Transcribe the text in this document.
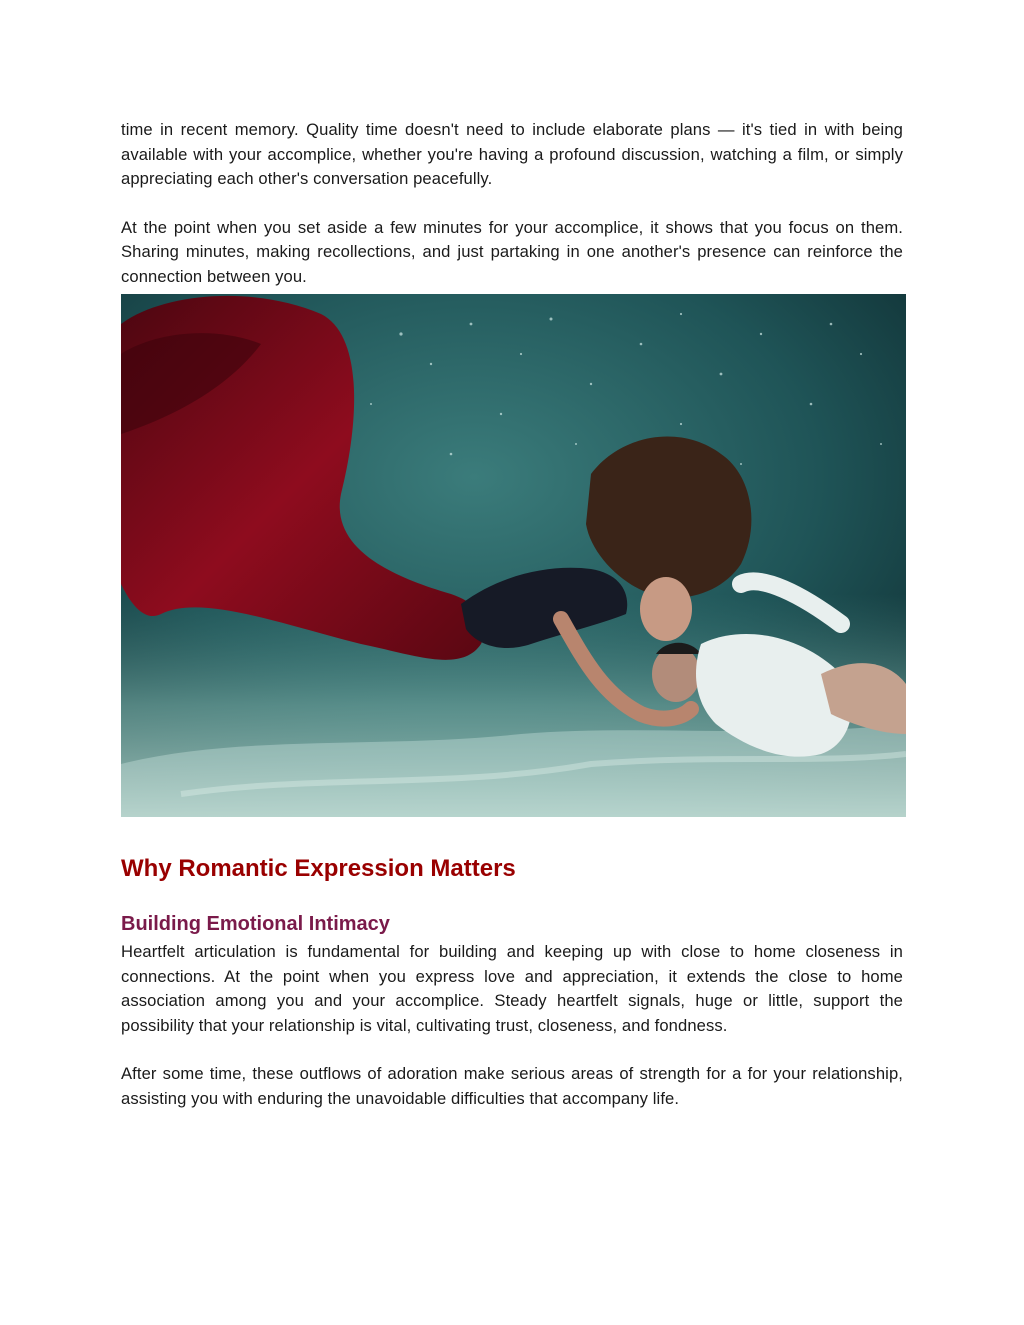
time in recent memory. Quality time doesn't need to include elaborate plans — it's tied in with being available with your accomplice, whether you're having a profound discussion, watching a film, or simply appreciating each other's conversation peacefully.

At the point when you set aside a few minutes for your accomplice, it shows that you focus on them. Sharing minutes, making recollections, and just partaking in one another's presence can reinforce the connection between you.

Why Romantic Expression Matters
Building Emotional Intimacy

Heartfelt articulation is fundamental for building and keeping up with close to home closeness in connections. At the point when you express love and appreciation, it extends the close to home association among you and your accomplice. Steady heartfelt signals, huge or little, support the possibility that your relationship is vital, cultivating trust, closeness, and fondness.

After some time, these outflows of adoration make serious areas of strength for a for your relationship, assisting you with enduring the unavoidable difficulties that accompany life.
